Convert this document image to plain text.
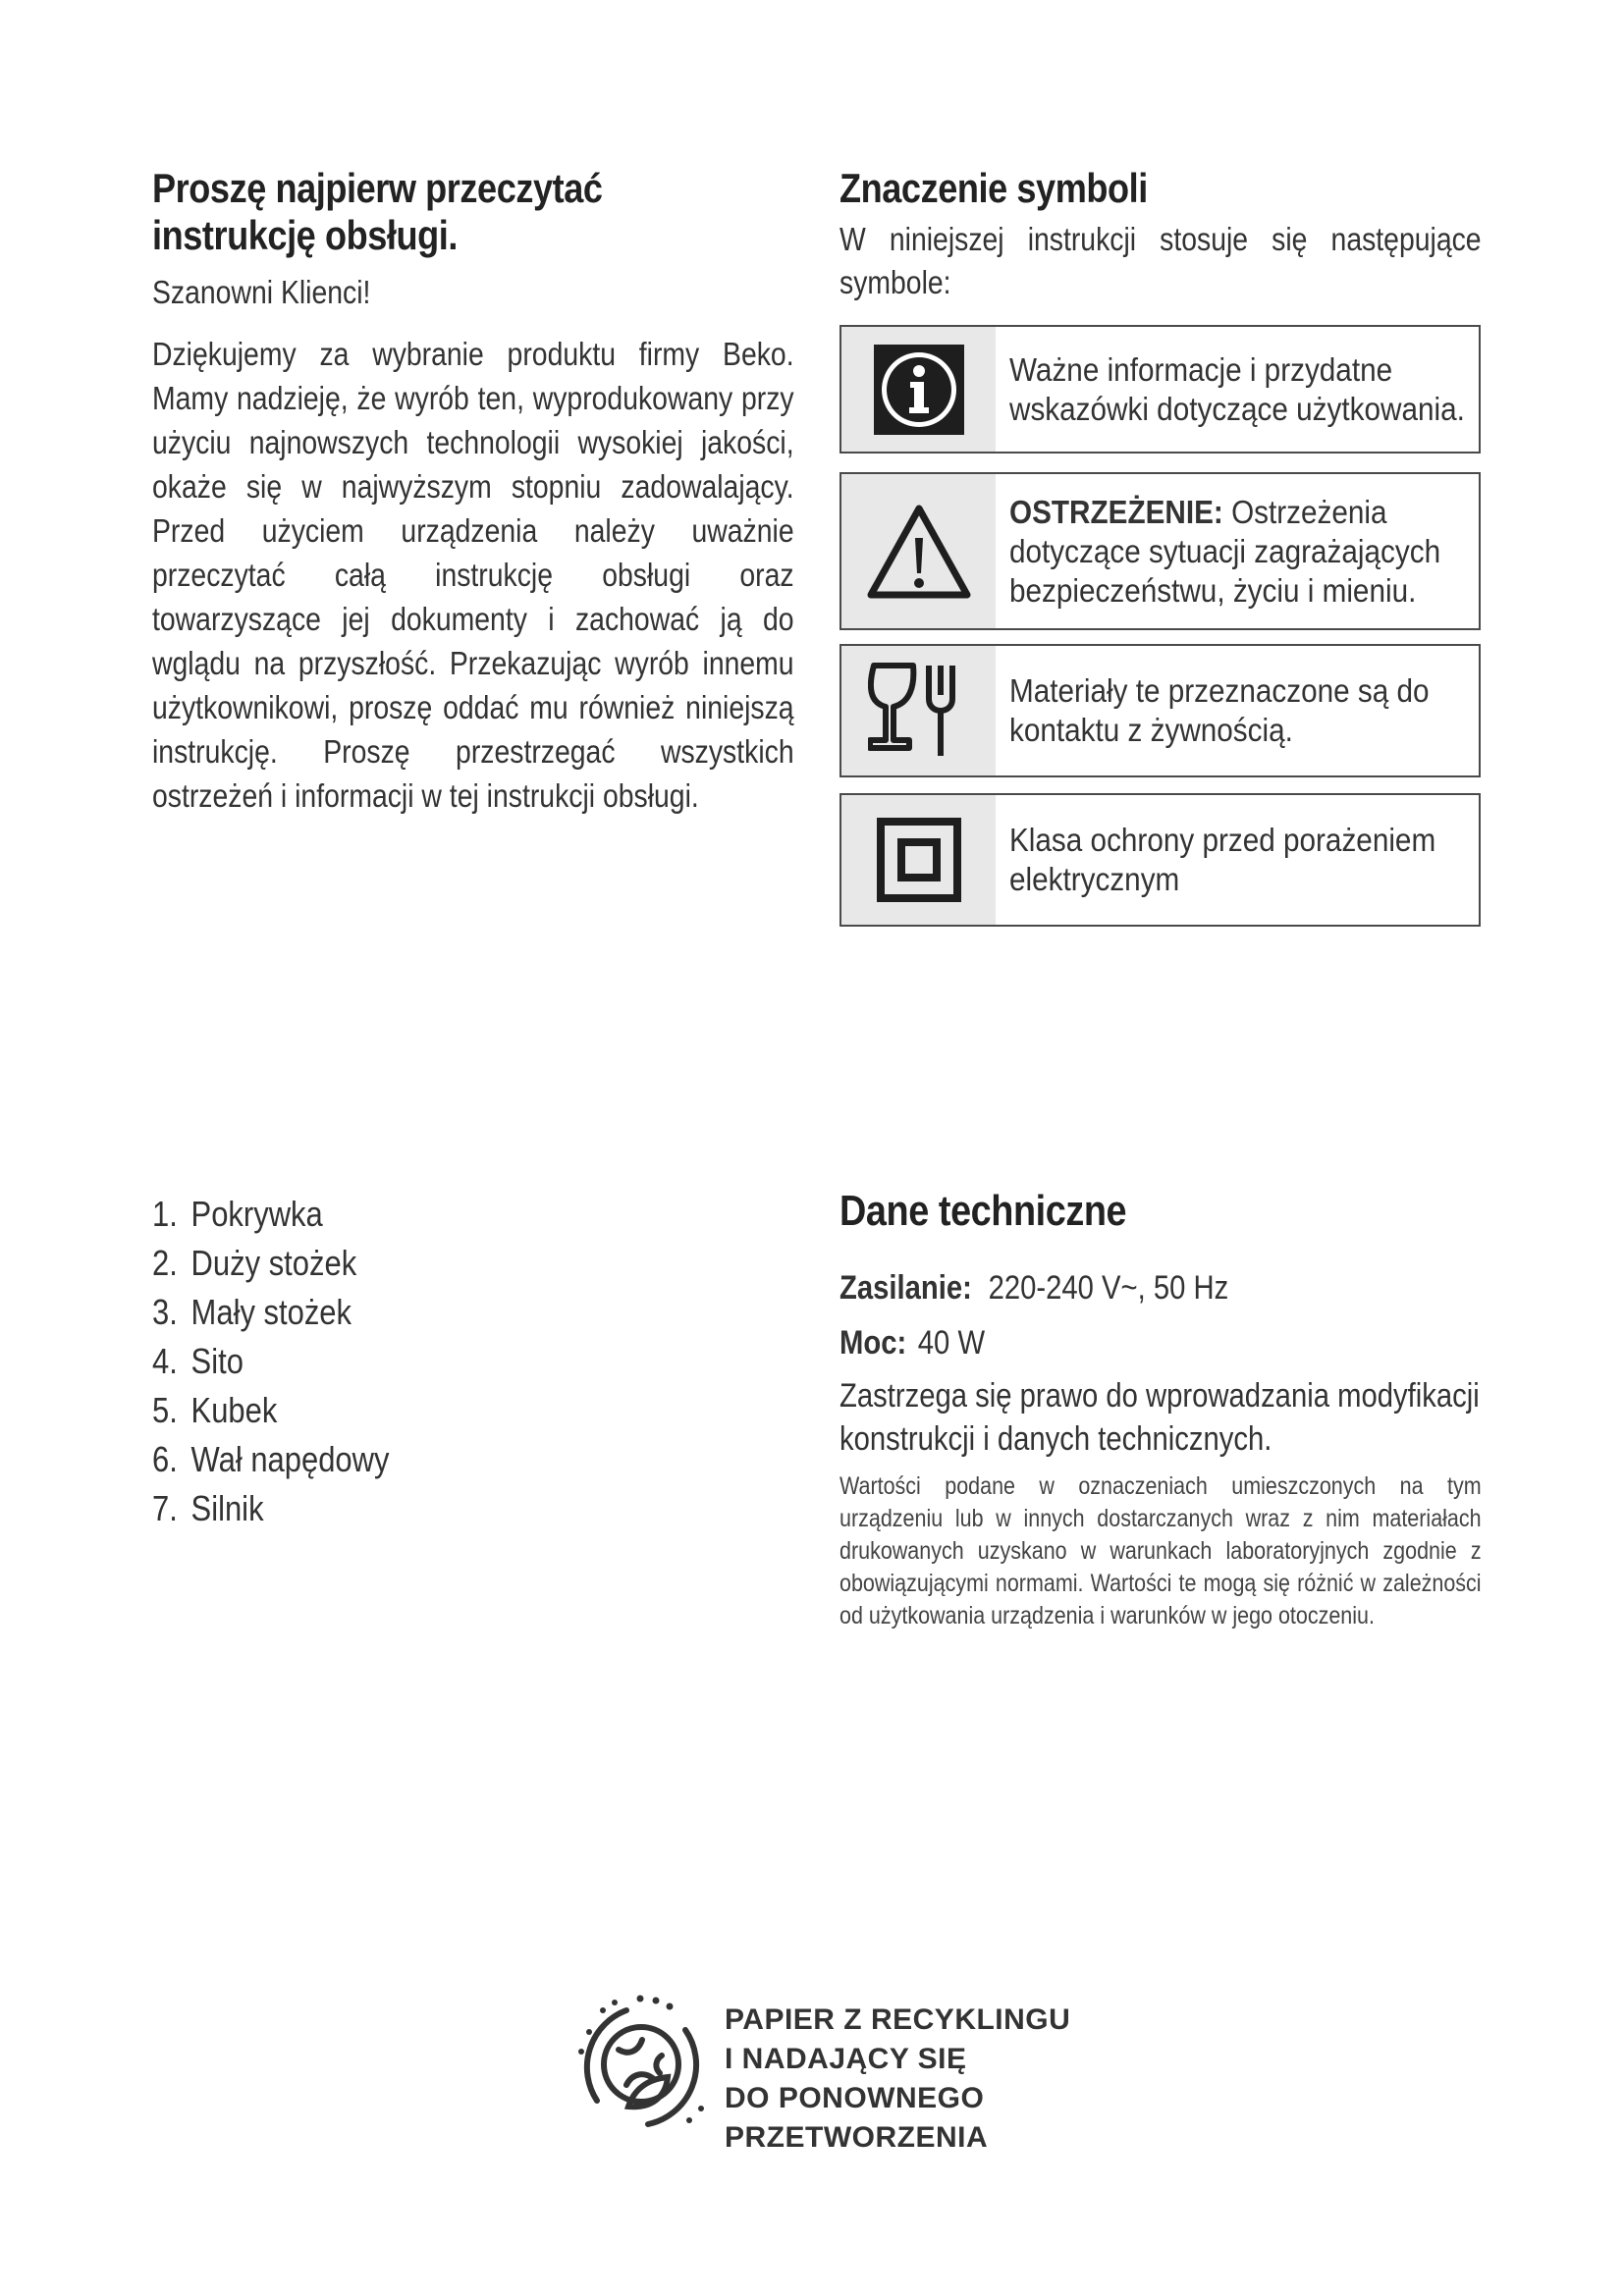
Proszę najpierw przeczytać
instrukcję obsługi.
Szanowni Klienci!

Dziękujemy za wybranie produktu firmy Beko. Mamy nadzieję, że wyrób ten, wyprodukowany przy użyciu najnowszych technologii wysokiej jakości, okaże się w najwyższym stopniu zadowalający. Przed użyciem urządzenia należy uważnie przeczytać całą instrukcję obsługi oraz towarzyszące jej dokumenty i zachować ją do wglądu na przyszłość. Przekazując wyrób innemu użytkownikowi, proszę oddać mu również niniejszą instrukcję. Proszę przestrzegać wszystkich ostrzeżeń i informacji w tej instrukcji obsługi.

Znaczenie symboli

W niniejszej instrukcji stosuje się następujące symbole:

Ważne informacje i przydatne wskazówki dotyczące użytkowania.
OSTRZEŻENIE: Ostrzeżenia dotyczące sytuacji zagrażających bezpieczeństwu, życiu i mieniu.
Materiały te przeznaczone są do kontaktu z żywnością.
Klasa ochrony przed porażeniem elektrycznym
1. Pokrywka
2. Duży stożek
3. Mały stożek
4. Sito
5. Kubek
6. Wał napędowy
7. Silnik
Dane techniczne
Zasilanie: 220-240 V~, 50 Hz
Moc: 40 W

Zastrzega się prawo do wprowadzania modyfikacji konstrukcji i danych technicznych.

Wartości podane w oznaczeniach umieszczonych na tym urządzeniu lub w innych dostarczanych wraz z nim materiałach drukowanych uzyskano w warunkach laboratoryjnych zgodnie z obowiązującymi normami. Wartości te mogą się różnić w zależności od użytkowania urządzenia i warunków w jego otoczeniu.

PAPIER Z RECYKLINGU
I NADAJĄCY SIĘ
DO PONOWNEGO
PRZETWORZENIA
